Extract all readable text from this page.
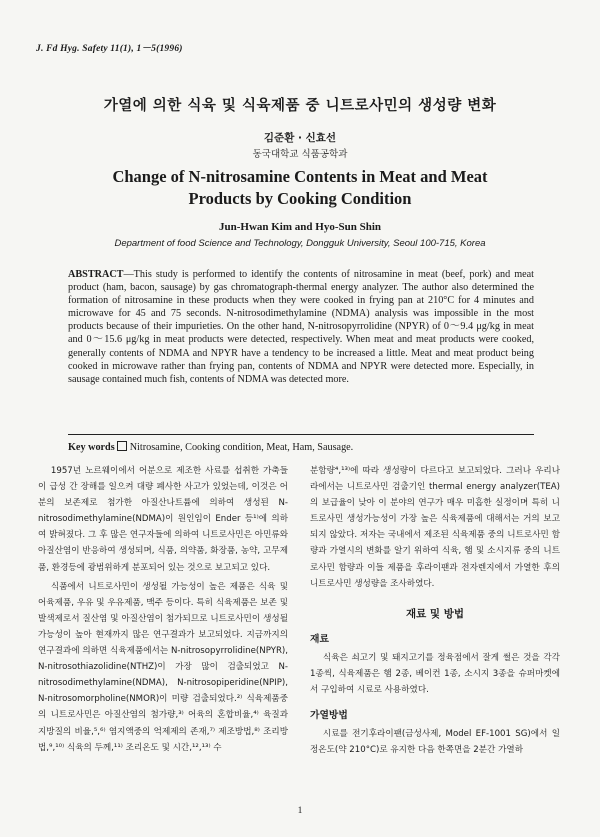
J. Fd Hyg. Safety 11(1), 1－5(1996)
가열에 의한 식육 및 식육제품 중 니트로사민의 생성량 변화
김준환 · 신효선
동국대학교 식품공학과
Change of N-nitrosamine Contents in Meat and Meat
Products by Cooking Condition
Jun-Hwan Kim and Hyo-Sun Shin
Department of food Science and Technology, Dongguk University, Seoul 100-715, Korea
ABSTRACT—This study is performed to identify the contents of nitrosamine in meat (beef, pork) and meat product (ham, bacon, sausage) by gas chromatograph-thermal energy analyzer. The author also determined the formation of nitrosamine in these products when they were cooked in frying pan at 210°C for 4 minutes and microwave for 45 and 75 seconds. N-nitrosodimethylamine (NDMA) analysis was impossible in the most products because of their impurieties. On the other hand, N-nitrosopyrrolidine (NPYR) of 0～9.4 μg/kg in meat and 0～15.6 μg/kg in meat products were detected, respectively. When meat and meat products were cooked, generally contents of NDMA and NPYR have a tendency to be increased a little. Meat and meat product being cooked in microwave rather than frying pan, contents of NDMA and NPYR were detected more. Especially, in sausage contained much fish, contents of NDMA was detected more.
Key words Nitrosamine, Cooking condition, Meat, Ham, Sausage.

1957년 노르웨이에서 어분으로 제조한 사료를 섭취한 가축들이 급성 간 장해를 일으켜 대량 폐사한 사고가 있었는데, 이것은 어분의 보존제로 첨가한 아질산나트륨에 의하여 생성된 N-nitrosodimethylamine(NDMA)이 원인임이 Ender 등¹⁾에 의하여 밝혀졌다. 그 후 많은 연구자들에 의하여 니트로사민은 아민류와 아질산염이 반응하여 생성되며, 식품, 의약품, 화장품, 농약, 고무제품, 환경등에 광범위하게 분포되어 있는 것으로 보고되고 있다.

식품에서 니트로사민이 생성될 가능성이 높은 제품은 식육 및 어육제품, 우유 및 우유제품, 맥주 등이다. 특히 식육제품은 보존 및 발색제로서 질산염 및 아질산염이 첨가되므로 니트로사민이 생성될 가능성이 높아 현재까지 많은 연구결과가 보고되었다. 지금까지의 연구결과에 의하면 식육제품에서는 N-nitrosopyrrolidine(NPYR), N-nitrosothiazolidine(NTHZ)이 가장 많이 검출되었고 N-nitrosodimethylamine(NDMA), N-nitrosopiperidine(NPIP), N-nitrosomorpholine(NMOR)이 미량 검출되었다.²⁾ 식육제품중의 니트로사민은 아질산염의 첨가량,³⁾ 어육의 혼합비율,⁴⁾ 육질과 지방질의 비율,⁵,⁶⁾ 염지액중의 억제제의 존재,⁷⁾ 제조방법,⁸⁾ 조리방법,⁹,¹⁰⁾ 식육의 두께,¹¹⁾ 조리온도 및 시간,¹²,¹³⁾ 수

분함량⁴,¹³⁾에 따라 생성량이 다르다고 보고되었다. 그러나 우리나라에서는 니트로사민 검출기인 thermal energy analyzer(TEA)의 보급율이 낮아 이 분야의 연구가 매우 미흡한 실정이며 특히 니트로사민 생성가능성이 가장 높은 식육제품에 대해서는 거의 보고되지 않았다. 저자는 국내에서 제조된 식육제품 중의 니트로사민 함량과 가열시의 변화를 알기 위하여 식육, 햄 및 소시지류 중의 니트로사민 함량과 이들 제품을 후라이팬과 전자렌지에서 가열한 후의 니트로사민 생성량을 조사하였다.

재료 및 방법
재료

식육은 쇠고기 및 돼지고기를 정육점에서 잘게 썰은 것을 각각 1종씩, 식육제품은 햄 2종, 베이컨 1종, 소시지 3종을 슈퍼마켓에서 구입하여 시료로 사용하였다.

가열방법

시료를 전기후라이팬(금성사제, Model EF-1001 SG)에서 일정온도(약 210°C)로 유지한 다음 한쪽면을 2분간 가열하

1
